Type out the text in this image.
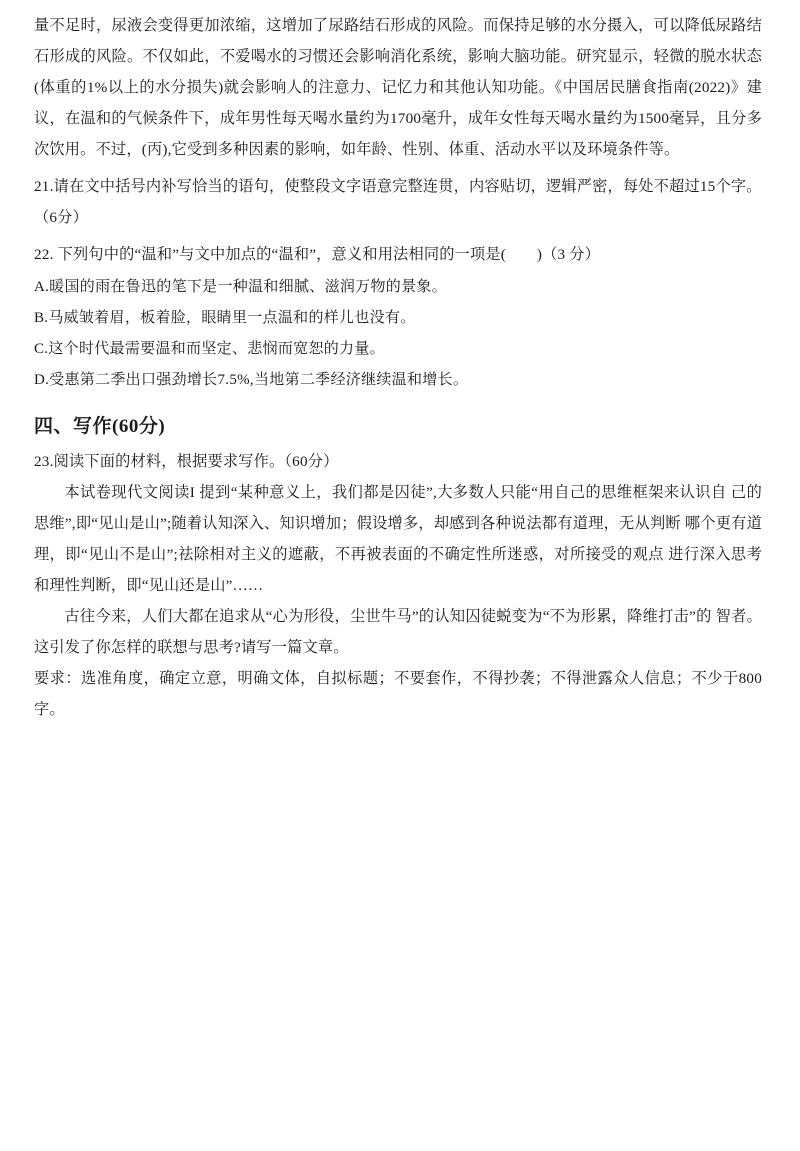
量不足时，尿液会变得更加浓缩，这增加了尿路结石形成的风险。而保持足够的水分摄入，可以降低尿路结石形成的风险。不仅如此，不爱喝水的习惯还会影响消化系统，影响大脑功能。研究显示，轻微的脱水状态(体重的1%以上的水分损失)就会影响人的注意力、记忆力和其他认知功能。《中国居民膳食指南(2022)》建议，在温和的气候条件下，成年男性每天喝水量约为1700毫升，成年女性每天喝水量约为1500毫异，且分多次饮用。不过，(丙),它受到多种因素的影响，如年龄、性别、体重、活动水平以及环境条件等。

21.请在文中括号内补写恰当的语句，使整段文字语意完整连贯，内容贴切，逻辑严密，每处不超过15个字。

（6分）

22. 下列句中的“温和”与文中加点的“温和”，意义和用法相同的一项是(　　)（3 分）

A.暖国的雨在鲁迅的笔下是一种温和细腻、滋润万物的景象。

B.马威皱着眉，板着脸，眼睛里一点温和的样儿也没有。

C.这个时代最需要温和而坚定、悲悯而宽恕的力量。

D.受惠第二季出口强劲增长7.5%,当地第二季经济继续温和增长。

四、写作(60分)

23.阅读下面的材料，根据要求写作。（60分）

本试卷现代文阅读I 提到“某种意义上，我们都是囚徒”,大多数人只能“用自己的思维框架来认识自 己的思维”,即“见山是山”;随着认知深入、知识增加；假设增多，却感到各种说法都有道理，无从判断 哪个更有道理，即“见山不是山”;祛除相对主义的遮蔽，不再被表面的不确定性所迷惑，对所接受的观点 进行深入思考和理性判断，即“见山还是山”……

古往今来，人们大都在追求从“心为形役，尘世牛马”的认知囚徒蜕变为“不为形累，降维打击”的 智者。这引发了你怎样的联想与思考?请写一篇文章。

要求：选准角度，确定立意，明确文体，自拟标题；不要套作，不得抄袭；不得泄露众人信息；不少于800字。
